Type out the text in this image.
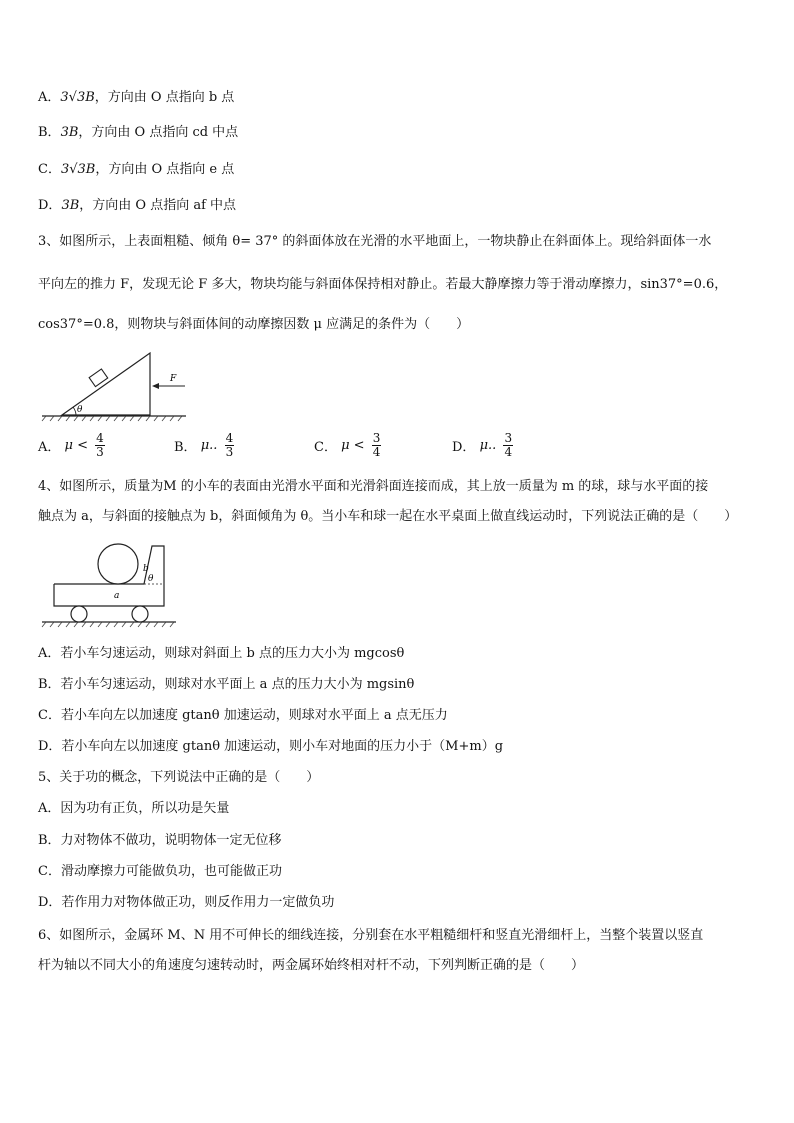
A．3√3B，方向由 O 点指向 b 点
B．3B，方向由 O 点指向 cd 中点
C．3√3B，方向由 O 点指向 e 点
D．3B，方向由 O 点指向 af 中点
3、如图所示，上表面粗糙、倾角 θ= 37° 的斜面体放在光滑的水平地面上，一物块静止在斜面体上。现给斜面体一水
平向左的推力 F，发现无论 F 多大，物块均能与斜面体保持相对静止。若最大静摩擦力等于滑动摩擦力，sin37°=0.6，
cos37°=0.8，则物块与斜面体间的动摩擦因数 μ 应满足的条件为（　　）
θ
F
A． $\mu < \frac{4}{3}$	B． μ.. $\frac{4}{3}$	C． $\mu < \frac{3}{4}$	D． μ.. $\frac{3}{4}$
4、如图所示，质量为M 的小车的表面由光滑水平面和光滑斜面连接而成，其上放一质量为 m 的球，球与水平面的接
触点为 a，与斜面的接触点为 b，斜面倾角为 θ。当小车和球一起在水平桌面上做直线运动时，下列说法正确的是（　　）
θ
b
a
A．若小车匀速运动，则球对斜面上 b 点的压力大小为 mgcosθ
B．若小车匀速运动，则球对水平面上 a 点的压力大小为 mgsinθ
C．若小车向左以加速度 gtanθ 加速运动，则球对水平面上 a 点无压力
D．若小车向左以加速度 gtanθ 加速运动，则小车对地面的压力小于（M+m）g
5、关于功的概念，下列说法中正确的是（　　）
A．因为功有正负，所以功是矢量
B．力对物体不做功，说明物体一定无位移
C．滑动摩擦力可能做负功，也可能做正功
D．若作用力对物体做正功，则反作用力一定做负功
6、如图所示，金属环 M、N 用不可伸长的细线连接，分别套在水平粗糙细杆和竖直光滑细杆上，当整个装置以竖直
杆为轴以不同大小的角速度匀速转动时，两金属环始终相对杆不动，下列判断正确的是（　　）
